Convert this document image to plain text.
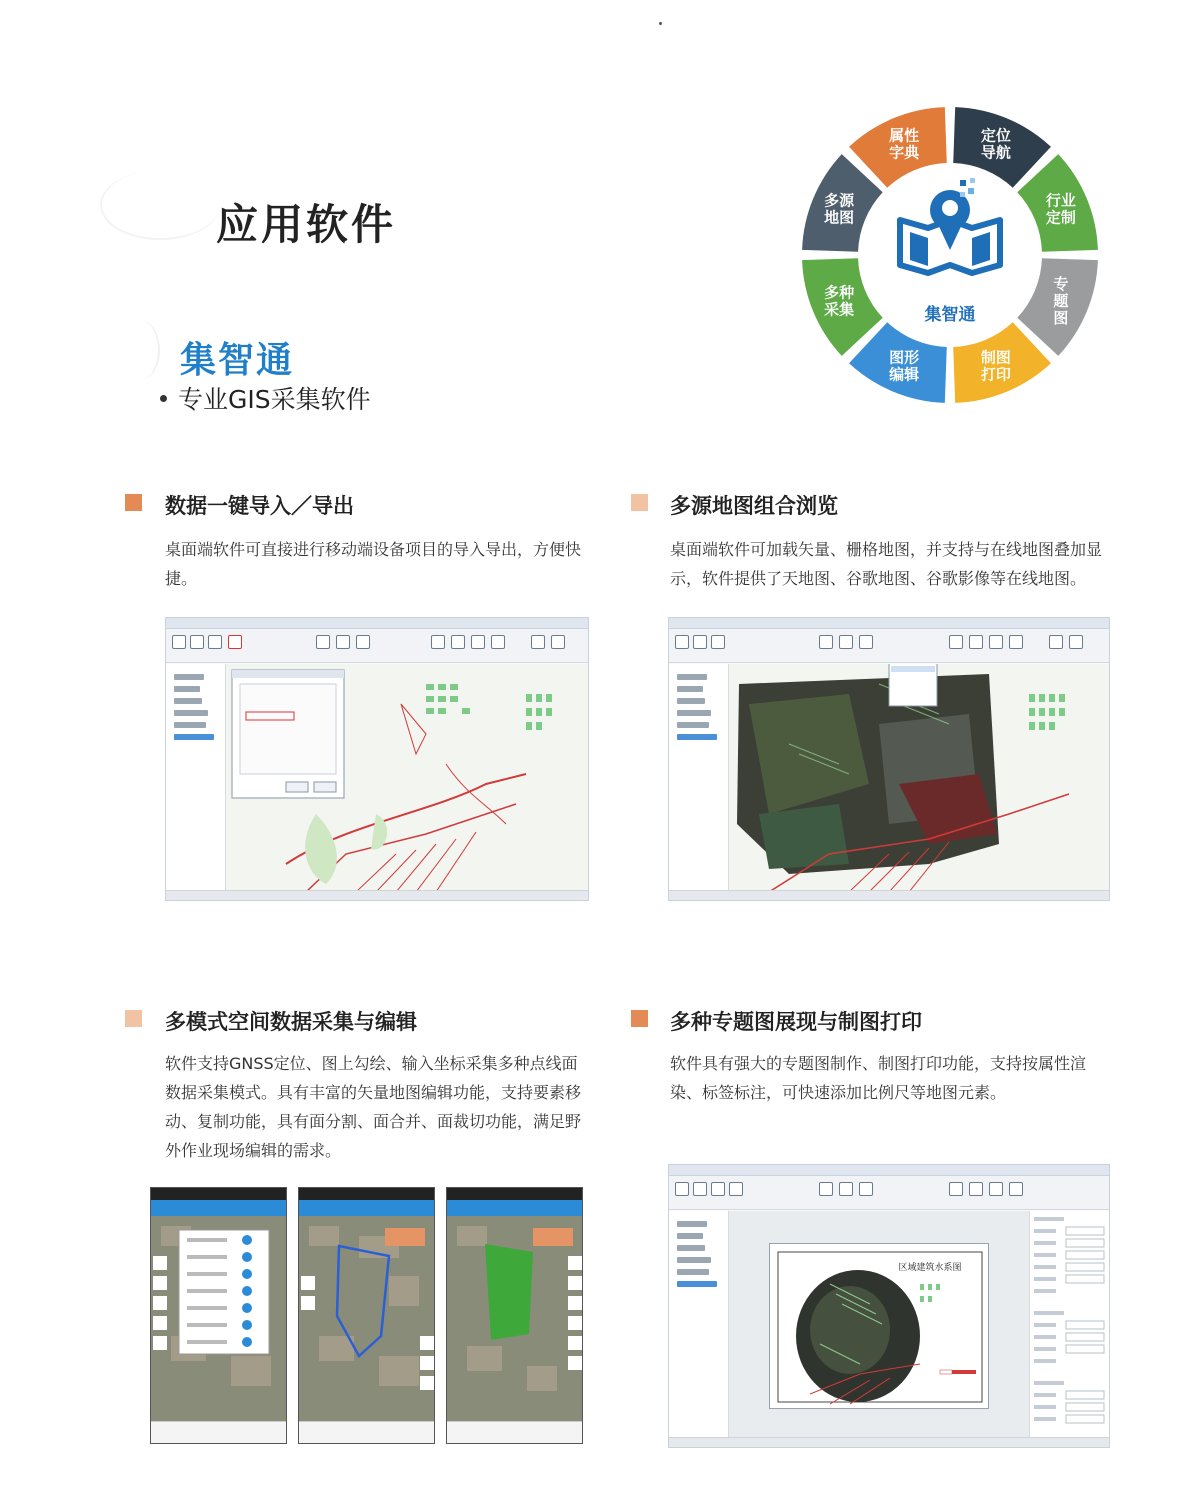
应用软件
集智通
专业GIS采集软件
属性字典
定位导航
行业定制
专题图
制图打印
图形编辑
多种采集
多源地图
集智通
数据一键导入／导出
桌面端软件可直接进行移动端设备项目的导入导出，方便快
捷。
多源地图组合浏览
桌面端软件可加载矢量、栅格地图，并支持与在线地图叠加显
示，软件提供了天地图、谷歌地图、谷歌影像等在线地图。
多模式空间数据采集与编辑
软件支持GNSS定位、图上勾绘、输入坐标采集多种点线面
数据采集模式。具有丰富的矢量地图编辑功能，支持要素移
动、复制功能，具有面分割、面合并、面裁切功能，满足野
外作业现场编辑的需求。
多种专题图展现与制图打印
软件具有强大的专题图制作、制图打印功能，支持按属性渲
染、标签标注，可快速添加比例尺等地图元素。
区域建筑水系图
